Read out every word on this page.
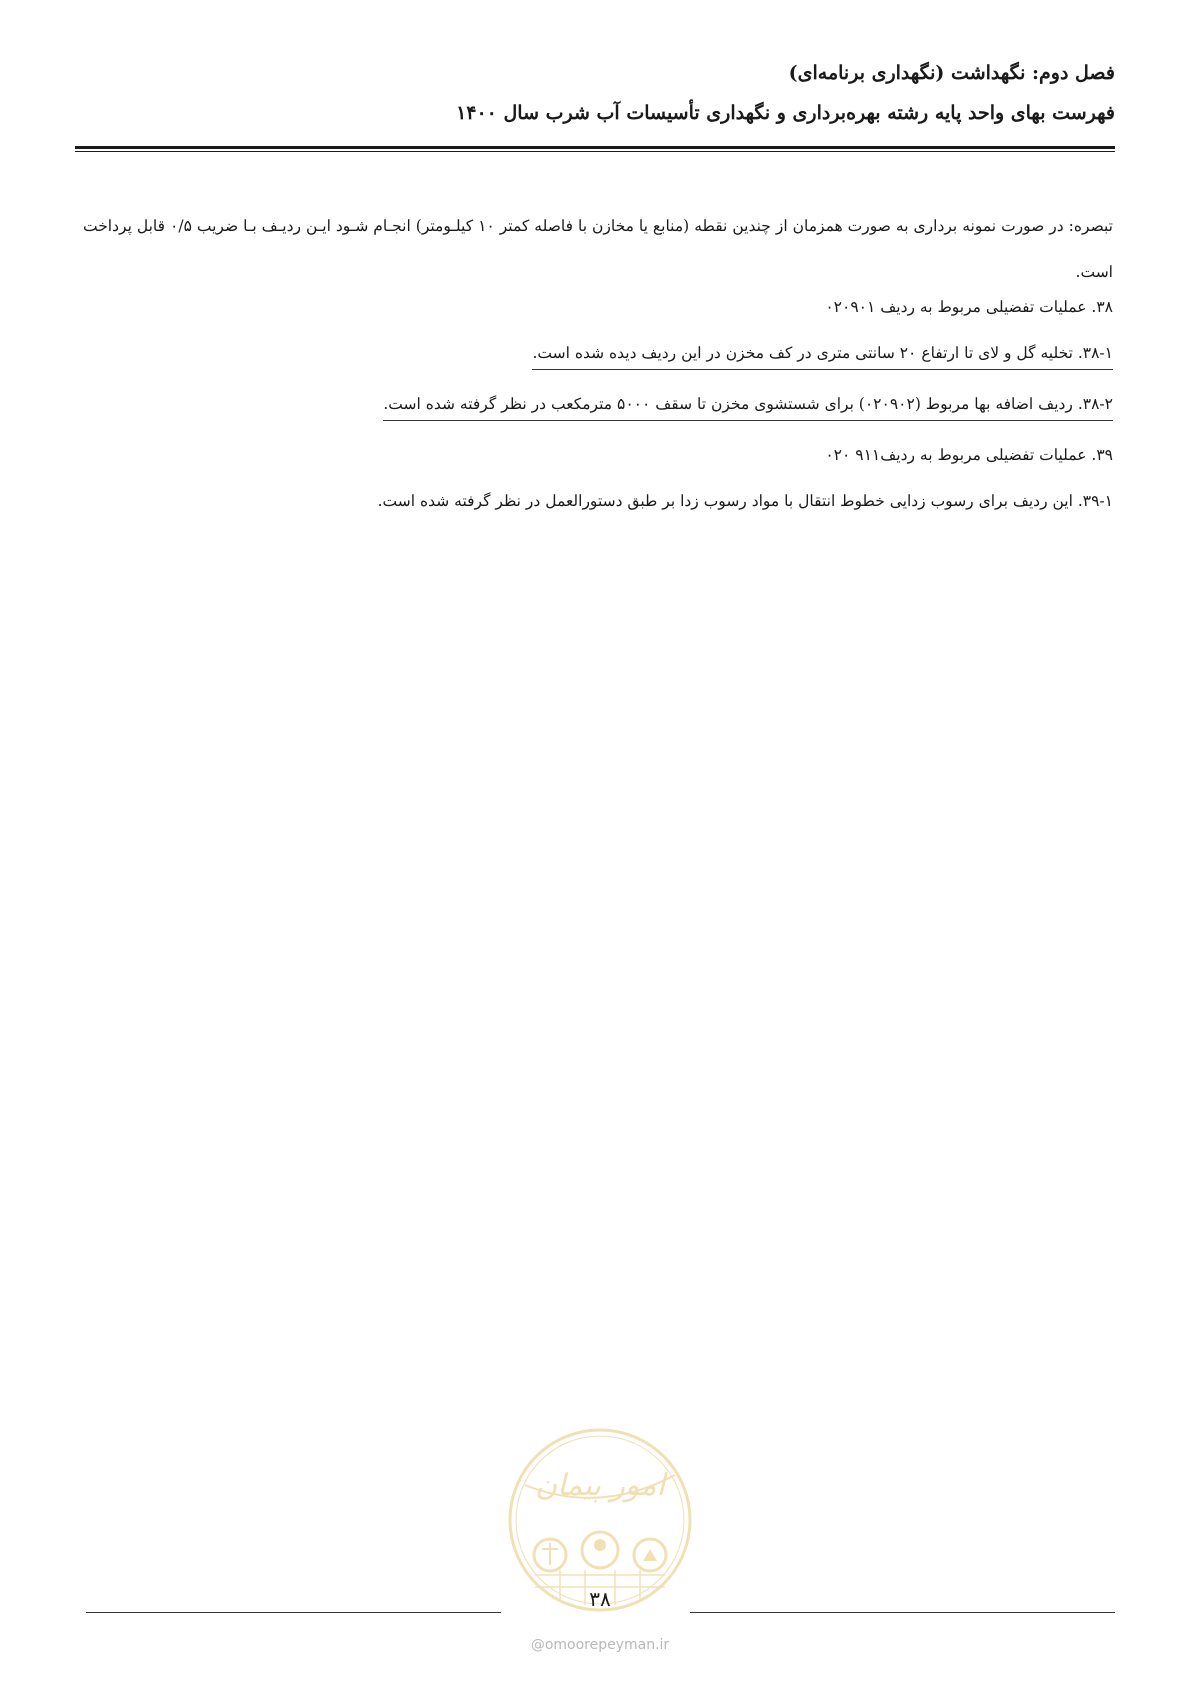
فصل دوم: نگهداشت (نگهداری برنامه‌ای)

فهرست بهای واحد پایه رشته بهره‌برداری و نگهداری تأسیسات آب شرب سال ۱۴۰۰

تبصره: در صورت نمونه برداری به صورت همزمان از چندین نقطه (منابع یا مخازن با فاصله کمتر ۱۰ کیلـومتر) انجـام شـود ایـن ردیـف بـا ضریب ۰/۵ قابل پرداخت است.

۳۸. عملیات تفضیلی مربوط به ردیف ۰۲۰۹۰۱
۳۸-۱. تخلیه گل و لای تا ارتفاع ۲۰ سانتی متری در کف مخزن در این ردیف دیده شده است.
۳۸-۲. ردیف اضافه بها مربوط (۰۲۰۹۰۲) برای شستشوی مخزن تا سقف ۵۰۰۰ مترمکعب در نظر گرفته شده است.
۳۹. عملیات تفضیلی مربوط به ردیف۹۱۱ ۰۲۰
۳۹-۱. این ردیف برای رسوب زدایی خطوط انتقال با مواد رسوب زدا بر طبق دستورالعمل در نظر گرفته شده است.
امور پیمان
۳۸
@omoorepeyman.ir
